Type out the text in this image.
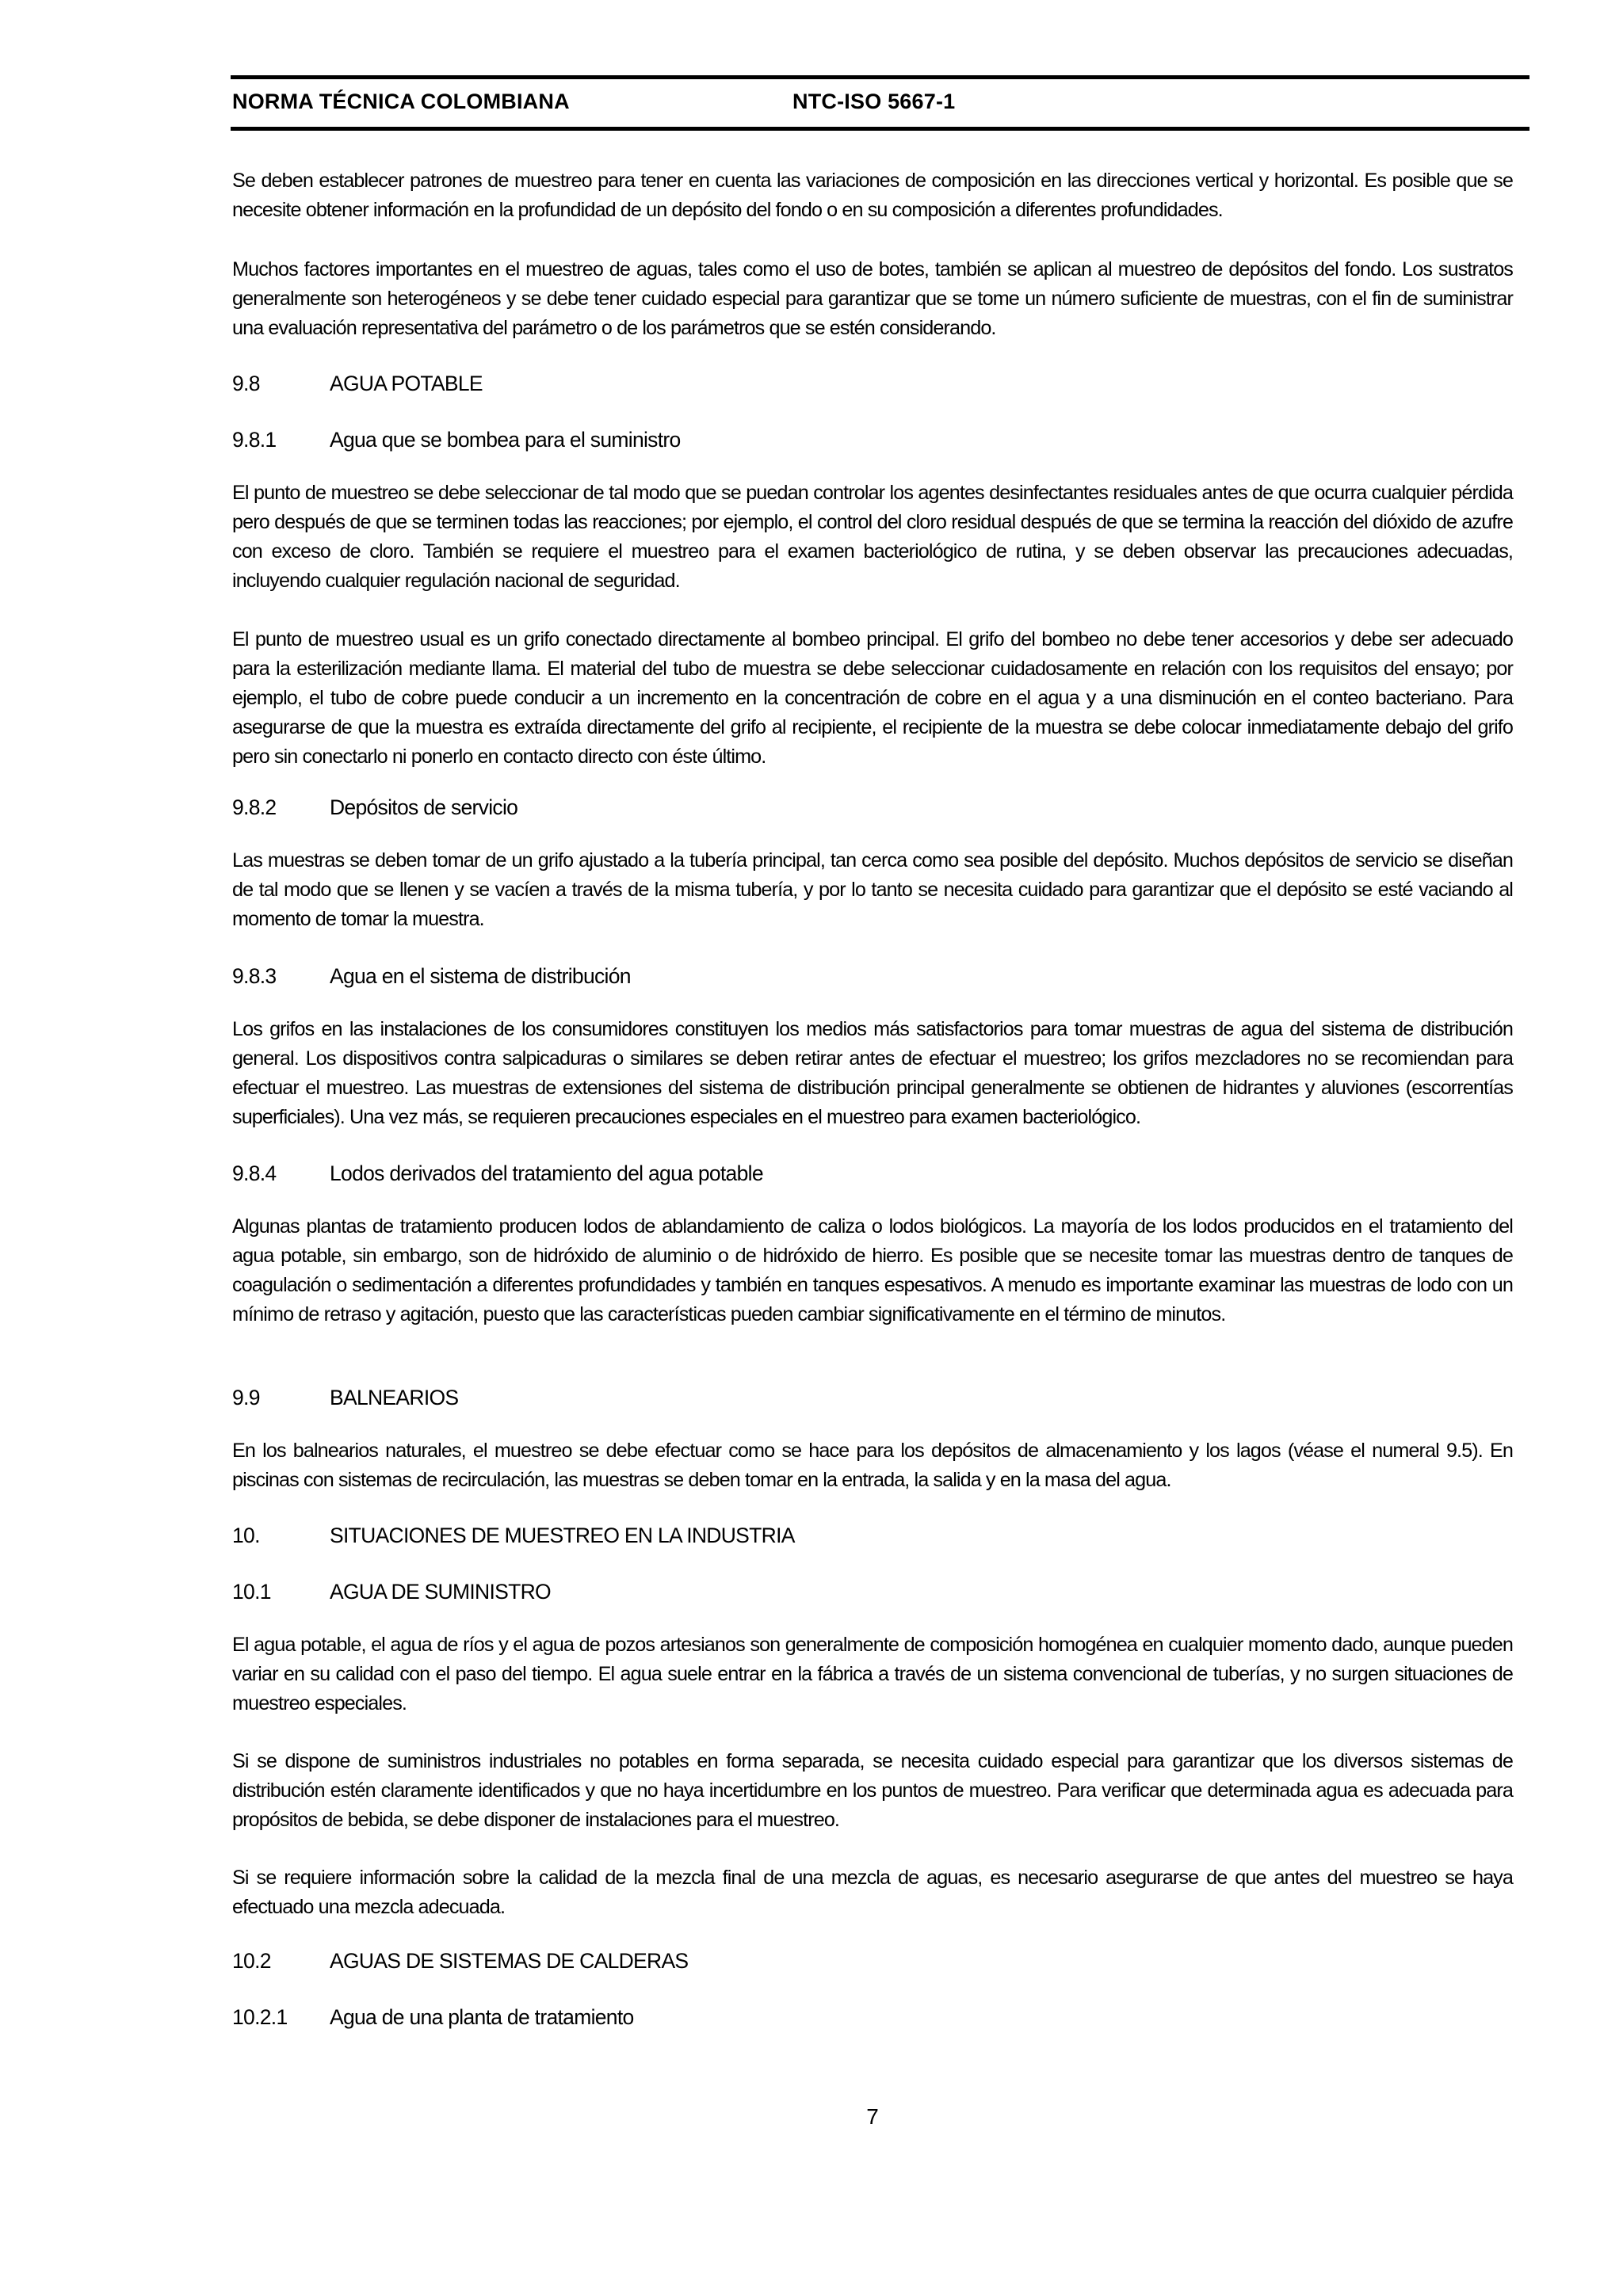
NORMA TÉCNICA COLOMBIANA	NTC-ISO 5667-1

Se deben establecer patrones de muestreo para tener en cuenta las variaciones de composición en las direcciones vertical y horizontal. Es posible que se necesite obtener información en la profundidad de un depósito del fondo o en su composición a diferentes profundidades.

Muchos factores importantes en el muestreo de aguas, tales como el uso de botes, también se aplican al muestreo de depósitos del fondo. Los sustratos generalmente son heterogéneos y se debe tener cuidado especial para garantizar que se tome un número suficiente de muestras, con el fin de suministrar una evaluación representativa del parámetro o de los parámetros que se estén considerando.

9.8	AGUA POTABLE
9.8.1	Agua que se bombea para el suministro

El punto de muestreo se debe seleccionar de tal modo que se puedan controlar los agentes desinfectantes residuales antes de que ocurra cualquier pérdida pero después de que se terminen todas las reacciones; por ejemplo, el control del cloro residual después de que se termina la reacción del dióxido de azufre con exceso de cloro. También se requiere el muestreo para el examen bacteriológico de rutina, y se deben observar las precauciones adecuadas, incluyendo cualquier regulación nacional de seguridad.

El punto de muestreo usual es un grifo conectado directamente al bombeo principal. El grifo del bombeo no debe tener accesorios y debe ser adecuado para la esterilización mediante llama. El material del tubo de muestra se debe seleccionar cuidadosamente en relación con los requisitos del ensayo; por ejemplo, el tubo de cobre puede conducir a un incremento en la concentración de cobre en el agua y a una disminución en el conteo bacteriano. Para asegurarse de que la muestra es extraída directamente del grifo al recipiente, el recipiente de la muestra se debe colocar inmediatamente debajo del grifo pero sin conectarlo ni ponerlo en contacto directo con éste último.

9.8.2	Depósitos de servicio

Las muestras se deben tomar de un grifo ajustado a la tubería principal, tan cerca como sea posible del depósito. Muchos depósitos de servicio se diseñan de tal modo que se llenen y se vacíen a través de la misma tubería, y por lo tanto se necesita cuidado para garantizar que el depósito se esté vaciando al momento de tomar la muestra.

9.8.3	Agua en el sistema de distribución

Los grifos en las instalaciones de los consumidores constituyen los medios más satisfactorios para tomar muestras de agua del sistema de distribución general. Los dispositivos contra salpicaduras o similares se deben retirar antes de efectuar el muestreo; los grifos mezcladores no se recomiendan para efectuar el muestreo. Las muestras de extensiones del sistema de distribución principal generalmente se obtienen de hidrantes y aluviones (escorrentías superficiales). Una vez más, se requieren precauciones especiales en el muestreo para examen bacteriológico.

9.8.4	Lodos derivados del tratamiento del agua potable

Algunas plantas de tratamiento producen lodos de ablandamiento de caliza o lodos biológicos. La mayoría de los lodos producidos en el tratamiento del agua potable, sin embargo, son de hidróxido de aluminio o de hidróxido de hierro. Es posible que se necesite tomar las muestras dentro de tanques de coagulación o sedimentación a diferentes profundidades y también en tanques espesativos. A menudo es importante examinar las muestras de lodo con un mínimo de retraso y agitación, puesto que las características pueden cambiar significativamente en el término de minutos.

9.9	BALNEARIOS

En los balnearios naturales, el muestreo se debe efectuar como se hace para los depósitos de almacenamiento y los lagos (véase el numeral 9.5). En piscinas con sistemas de recirculación, las muestras se deben tomar en la entrada, la salida y en la masa del agua.

10.	SITUACIONES DE MUESTREO EN LA INDUSTRIA
10.1	AGUA DE SUMINISTRO

El agua potable, el agua de ríos y el agua de pozos artesianos son generalmente de composición homogénea en cualquier momento dado, aunque pueden variar en su calidad con el paso del tiempo. El agua suele entrar en la fábrica a través de un sistema convencional de tuberías, y no surgen situaciones de muestreo especiales.

Si se dispone de suministros industriales no potables en forma separada, se necesita cuidado especial para garantizar que los diversos sistemas de distribución estén claramente identificados y que no haya incertidumbre en los puntos de muestreo. Para verificar que determinada agua es adecuada para propósitos de bebida, se debe disponer de instalaciones para el muestreo.

Si se requiere información sobre la calidad de la mezcla final de una mezcla de aguas, es necesario asegurarse de que antes del muestreo se haya efectuado una mezcla adecuada.

10.2	AGUAS DE SISTEMAS DE CALDERAS
10.2.1 Agua de una planta de tratamiento
7
